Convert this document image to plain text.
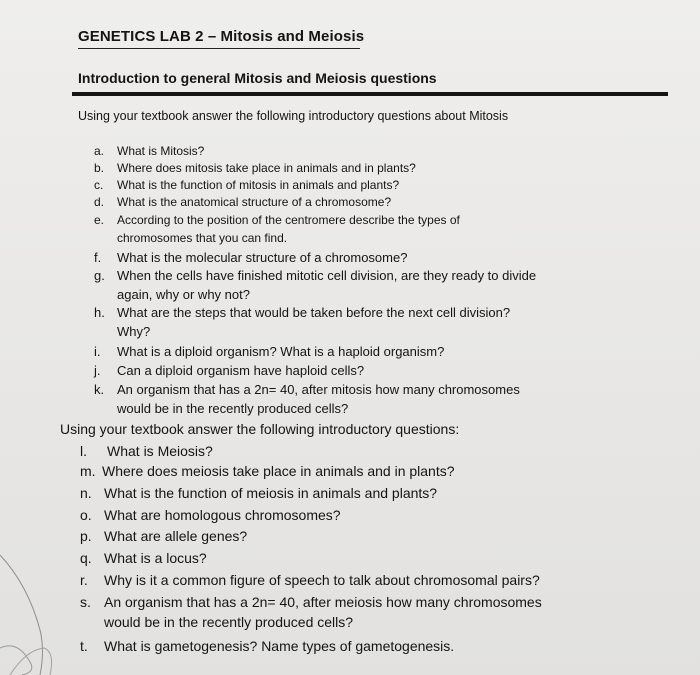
GENETICS LAB 2 – Mitosis and Meiosis
Introduction to general Mitosis and Meiosis questions
Using your textbook answer the following introductory questions about Mitosis
a. What is Mitosis?
b. Where does mitosis take place in animals and in plants?
c. What is the function of mitosis in animals and plants?
d. What is the anatomical structure of a chromosome?
e. According to the position of the centromere describe the types of
chromosomes that you can find.
f. What is the molecular structure of a chromosome?
g. When the cells have finished mitotic cell division, are they ready to divide
again, why or why not?
h. What are the steps that would be taken before the next cell division?
Why?
i. What is a diploid organism? What is a haploid organism?
j. Can a diploid organism have haploid cells?
k. An organism that has a 2n= 40, after mitosis how many chromosomes
would be in the recently produced cells?
Using your textbook answer the following introductory questions:
l. What is Meiosis?
m. Where does meiosis take place in animals and in plants?
n. What is the function of meiosis in animals and plants?
o. What are homologous chromosomes?
p. What are allele genes?
q. What is a locus?
r. Why is it a common figure of speech to talk about chromosomal pairs?
s. An organism that has a 2n= 40, after meiosis how many chromosomes
would be in the recently produced cells?
t. What is gametogenesis? Name types of gametogenesis.
